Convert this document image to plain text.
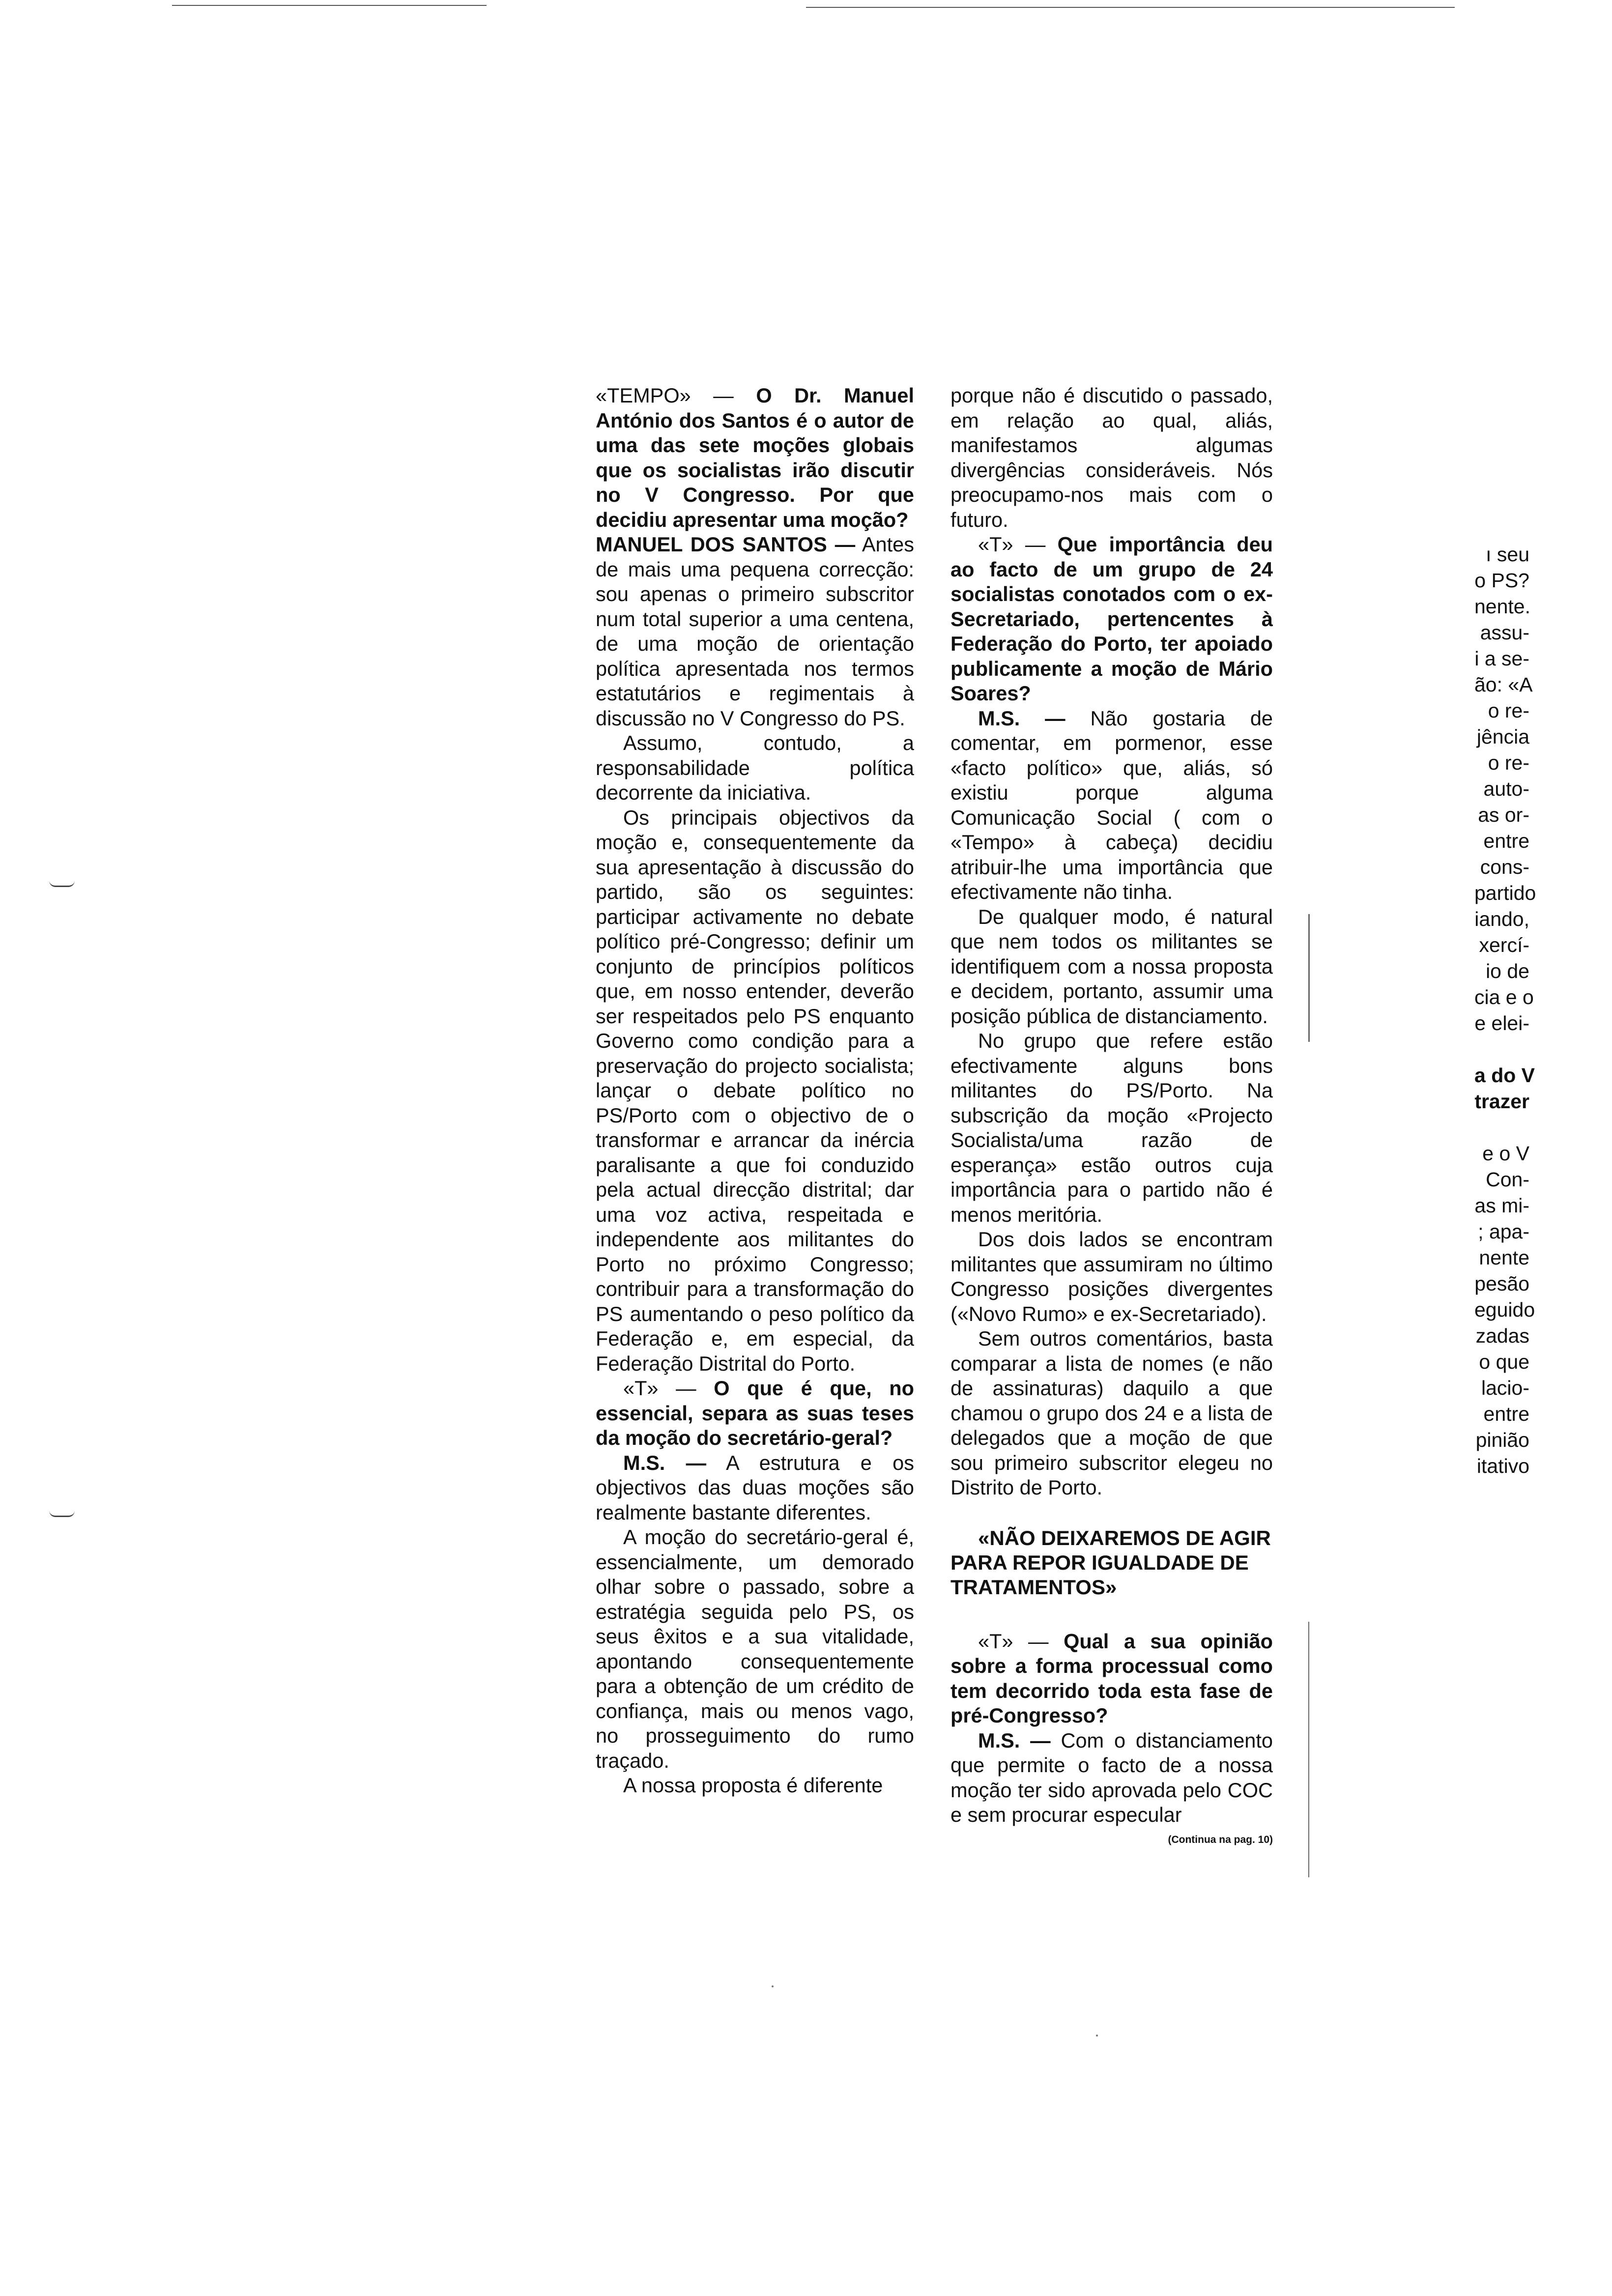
«TEMPO» — O Dr. Manuel António dos Santos é o autor de uma das sete moções globais que os socialistas irão discutir no V Congresso. Por que decidiu apresentar uma moção?

MANUEL DOS SANTOS — Antes de mais uma pequena correcção: sou apenas o primeiro subscritor num total superior a uma centena, de uma moção de orientação política apresentada nos termos estatutários e regimentais à discussão no V Congresso do PS.

Assumo, contudo, a responsabilidade política decorrente da iniciativa.

Os principais objectivos da moção e, consequentemente da sua apresentação à discussão do partido, são os seguintes: participar activamente no debate político pré-Congresso; definir um conjunto de princípios políticos que, em nosso entender, deverão ser respeitados pelo PS enquanto Governo como condição para a preservação do projecto socialista; lançar o debate político no PS/Porto com o objectivo de o transformar e arrancar da inércia paralisante a que foi conduzido pela actual direcção distrital; dar uma voz activa, respeitada e independente aos militantes do Porto no próximo Congresso; contribuir para a transformação do PS aumentando o peso político da Federação e, em especial, da Federação Distrital do Porto.

«T» — O que é que, no essencial, separa as suas teses da moção do secretário-geral?

M.S. — A estrutura e os objectivos das duas moções são realmente bastante diferentes.

A moção do secretário-geral é, essencialmente, um demorado olhar sobre o passado, sobre a estratégia seguida pelo PS, os seus êxitos e a sua vitalidade, apontando consequentemente para a obtenção de um crédito de confiança, mais ou menos vago, no prosseguimento do rumo traçado.

A nossa proposta é diferente

porque não é discutido o passado, em relação ao qual, aliás, manifestamos algumas divergências consideráveis. Nós preocupamo-nos mais com o futuro.

«T» — Que importância deu ao facto de um grupo de 24 socialistas conotados com o ex-Secretariado, pertencentes à Federação do Porto, ter apoiado publicamente a moção de Mário Soares?

M.S. — Não gostaria de comentar, em pormenor, esse «facto político» que, aliás, só existiu porque alguma Comunicação Social ( com o «Tempo» à cabeça) decidiu atribuir-lhe uma importância que efectivamente não tinha.

De qualquer modo, é natural que nem todos os militantes se identifiquem com a nossa proposta e decidem, portanto, assumir uma posição pública de distanciamento.

No grupo que refere estão efectivamente alguns bons militantes do PS/Porto. Na subscrição da moção «Projecto Socialista/uma razão de esperança» estão outros cuja importância para o partido não é menos meritória.

Dos dois lados se encontram militantes que assumiram no último Congresso posições divergentes («Novo Rumo» e ex-Secretariado).

Sem outros comentários, basta comparar a lista de nomes (e não de assinaturas) daquilo a que chamou o grupo dos 24 e a lista de delegados que a moção de que sou primeiro subscritor elegeu no Distrito de Porto.

«NÃO DEIXAREMOS DE AGIR PARA REPOR IGUALDADE DE TRATAMENTOS»

«T» — Qual a sua opinião sobre a forma processual como tem decorrido toda esta fase de pré-Congresso?

M.S. — Com o distanciamento que permite o facto de a nossa moção ter sido aprovada pelo COC e sem procurar especular

(Continua na pag. 10)

ı seu
o PS?
nente.
assu-
i a se-
ão: «A
o re-
jência
o re-
auto-
as or-
entre
cons-
partido
iando,
xercí-
io de
cia e o
e elei-
a do V
trazer
e o V
Con-
as mi-
; apa-
nente
pesão
eguido
zadas
o que
lacio-
entre
pinião
itativo
